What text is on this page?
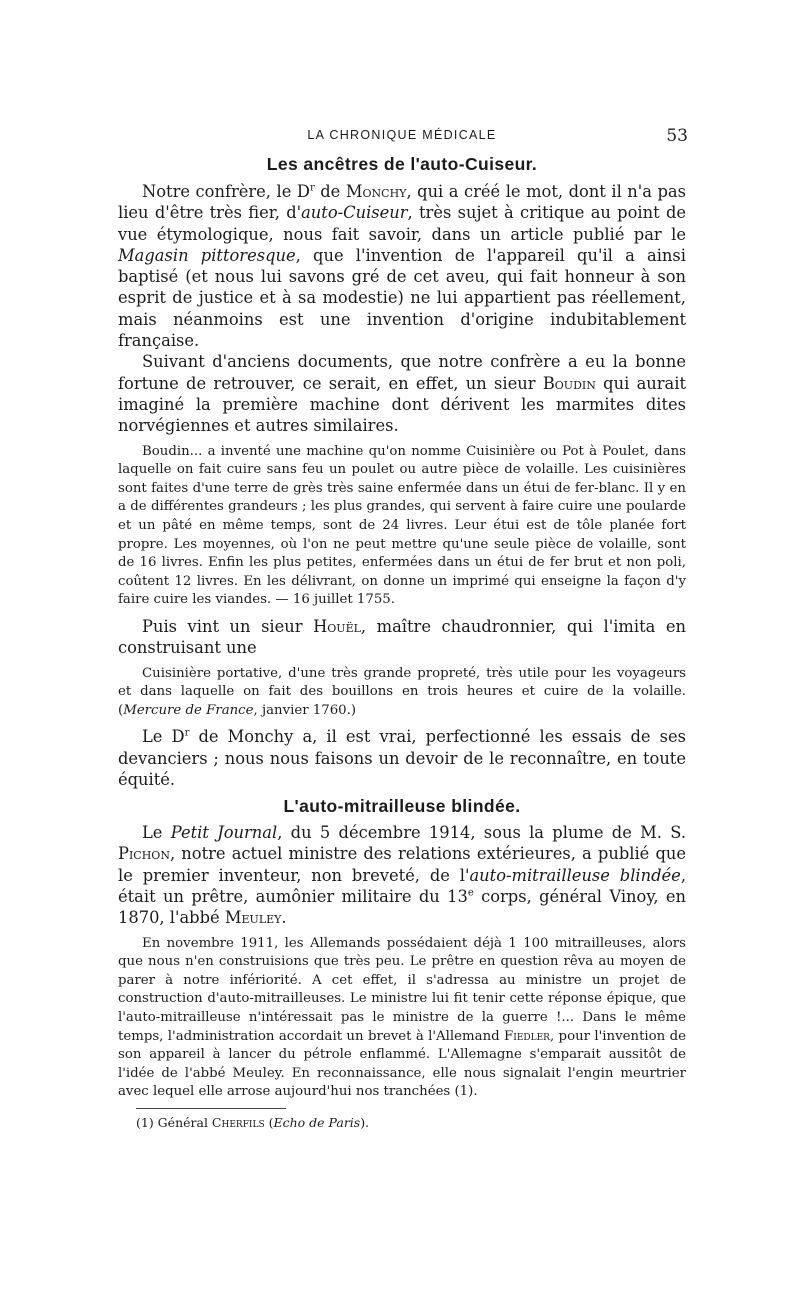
LA CHRONIQUE MÉDICALE	53
Les ancêtres de l'auto-Cuiseur.

Notre confrère, le $D^r$ de Monchy, qui a créé le mot, dont il n'a pas lieu d'être très fier, d'auto-Cuiseur, très sujet à critique au point de vue étymologique, nous fait savoir, dans un article publié par le Magasin pittoresque, que l'invention de l'appareil qu'il a ainsi baptisé (et nous lui savons gré de cet aveu, qui fait honneur à son esprit de justice et à sa modestie) ne lui appartient pas réellement, mais néanmoins est une invention d'origine indubitablement française.

Suivant d'anciens documents, que notre confrère a eu la bonne fortune de retrouver, ce serait, en effet, un sieur Boudin qui aurait imaginé la première machine dont dérivent les marmites dites norvégiennes et autres similaires.

Boudin... a inventé une machine qu'on nomme Cuisinière ou Pot à Poulet, dans laquelle on fait cuire sans feu un poulet ou autre pièce de volaille. Les cuisinières sont faites d'une terre de grès très saine enfermée dans un étui de fer-blanc. Il y en a de différentes grandeurs ; les plus grandes, qui servent à faire cuire une poularde et un pâté en même temps, sont de 24 livres. Leur étui est de tôle planée fort propre. Les moyennes, où l'on ne peut mettre qu'une seule pièce de volaille, sont de 16 livres. Enfin les plus petites, enfermées dans un étui de fer brut et non poli, coûtent 12 livres. En les délivrant, on donne un imprimé qui enseigne la façon d'y faire cuire les viandes. — 16 juillet 1755.

Puis vint un sieur Houël, maître chaudronnier, qui l'imita en construisant une

Cuisinière portative, d'une très grande propreté, très utile pour les voyageurs et dans laquelle on fait des bouillons en trois heures et cuire de la volaille. (Mercure de France, janvier 1760.)

Le $D^r$ de Monchy a, il est vrai, perfectionné les essais de ses devanciers ; nous nous faisons un devoir de le reconnaître, en toute équité.

L'auto-mitrailleuse blindée.

Le Petit Journal, du 5 décembre 1914, sous la plume de M. S. Pichon, notre actuel ministre des relations extérieures, a publié que le premier inventeur, non breveté, de l'auto-mitrailleuse blindée, était un prêtre, aumônier militaire du 13e corps, général Vinoy, en 1870, l'abbé Meuley.

En novembre 1911, les Allemands possédaient déjà 1 100 mitrailleuses, alors que nous n'en construisions que très peu. Le prêtre en question rêva au moyen de parer à notre infériorité. A cet effet, il s'adressa au ministre un projet de construction d'auto-mitrailleuses. Le ministre lui fit tenir cette réponse épique, que l'auto-mitrailleuse n'intéressait pas le ministre de la guerre !... Dans le même temps, l'administration accordait un brevet à l'Allemand Fiedler, pour l'invention de son appareil à lancer du pétrole enflammé. L'Allemagne s'emparait aussitôt de l'idée de l'abbé Meuley. En reconnaissance, elle nous signalait l'engin meurtrier avec lequel elle arrose aujourd'hui nos tranchées (1).

(1) Général Cherfils (Echo de Paris).
